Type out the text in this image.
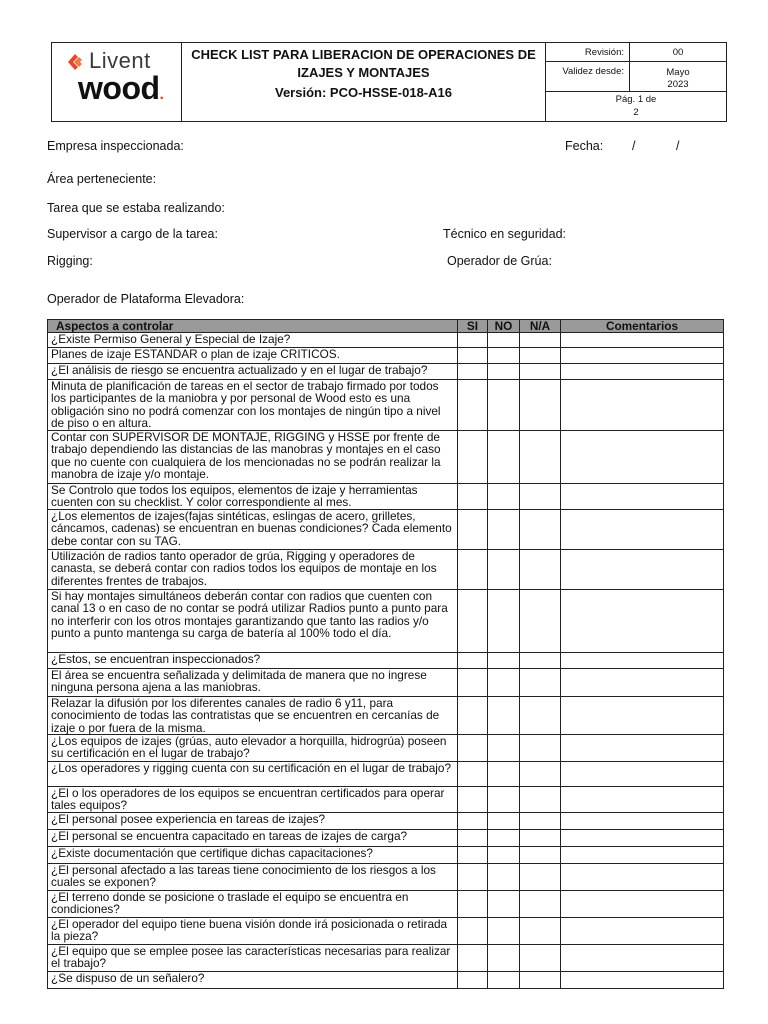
Livent
wood.
CHECK LIST PARA LIBERACION DE OPERACIONES DE
IZAJES Y MONTAJES
Versión: PCO-HSSE-018-A16
Revisión:	00
Validez desde:	Mayo
2023
Pág. 1 de
2
Empresa inspeccionada:	Fecha: /	/
Área perteneciente:
Tarea que se estaba realizando:
Supervisor a cargo de la tarea:	Técnico en seguridad:
Rigging:	Operador de Grúa:
Operador de Plataforma Elevadora:
Aspectos a controlar	SI	NO	N/A	Comentarios
¿Existe Permiso General y Especial de Izaje?				
Planes de izaje ESTANDAR o plan de izaje CRITICOS.				
¿El análisis de riesgo se encuentra actualizado y en el lugar de trabajo?				
Minuta de planificación de tareas en el sector de trabajo firmado por todos los participantes de la maniobra y por personal de Wood esto es una obligación sino no podrá comenzar con los montajes de ningún tipo a nivel de piso o en altura.				
Contar con SUPERVISOR DE MONTAJE, RIGGING y HSSE por frente de trabajo dependiendo las distancias de las manobras y montajes en el caso que no cuente con cualquiera de los mencionadas no se podrán realizar la manobra de izaje y/o montaje.				
Se Controlo que todos los equipos, elementos de izaje y herramientas cuenten con su checklist. Y color correspondiente al mes.				
¿Los elementos de izajes(fajas sintéticas, eslingas de acero, grilletes, cáncamos, cadenas) se encuentran en buenas condiciones? Cada elemento debe contar con su TAG.				
Utilización de radios tanto operador de grúa, Rigging y operadores de canasta, se deberá contar con radios todos los equipos de montaje en los diferentes frentes de trabajos.				
Si hay montajes simultáneos deberán contar con radios que cuenten con canal 13 o en caso de no contar se podrá utilizar Radios punto a punto para no interferir con los otros montajes garantizando que tanto las radios y/o punto a punto mantenga su carga de batería al 100% todo el día.				
¿Estos, se encuentran inspeccionados?				
El área se encuentra señalizada y delimitada de manera que no ingrese ninguna persona ajena a las maniobras.				
Relazar la difusión por los diferentes canales de radio 6 y11, para conocimiento de todas las contratistas que se encuentren en cercanías de izaje o por fuera de la misma.				
¿Los equipos de izajes (grúas, auto elevador a horquilla, hidrogrúa) poseen su certificación en el lugar de trabajo?				
¿Los operadores y rigging cuenta con su certificación en el lugar de trabajo?				
¿El o los operadores de los equipos se encuentran certificados para operar tales equipos?				
¿El personal posee experiencia en tareas de izajes?				
¿El personal se encuentra capacitado en tareas de izajes de carga?				
¿Existe documentación que certifique dichas capacitaciones?				
¿El personal afectado a las tareas tiene conocimiento de los riesgos a los cuales se exponen?				
¿El terreno donde se posicione o traslade el equipo se encuentra en condiciones?				
¿El operador del equipo tiene buena visión donde irá posicionada o retirada la pieza?				
¿El equipo que se emplee posee las características necesarias para realizar el trabajo?				
¿Se dispuso de un señalero?				
